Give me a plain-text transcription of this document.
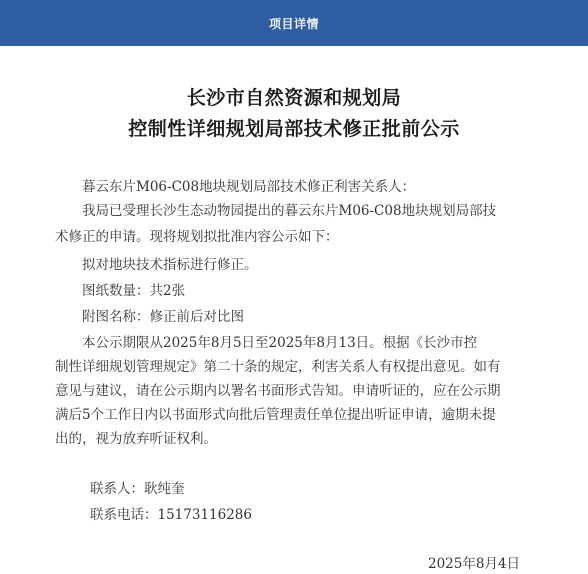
项目详情
长沙市自然资源和规划局
控制性详细规划局部技术修正批前公示
暮云东片M06-C08地块规划局部技术修正利害关系人：
我局已受理长沙生态动物园提出的暮云东片M06-C08地块规划局部技
术修正的申请。现将规划拟批准内容公示如下：
拟对地块技术指标进行修正。
图纸数量：共2张
附图名称：修正前后对比图
本公示期限从2025年8月5日至2025年8月13日。根据《长沙市控
制性详细规划管理规定》第二十条的规定，利害关系人有权提出意见。如有
意见与建议，请在公示期内以署名书面形式告知。申请听证的，应在公示期
满后5个工作日内以书面形式向批后管理责任单位提出听证申请，逾期未提
出的，视为放弃听证权利。
联系人：耿纯奎
联系电话：15173116286
2025年8月4日
